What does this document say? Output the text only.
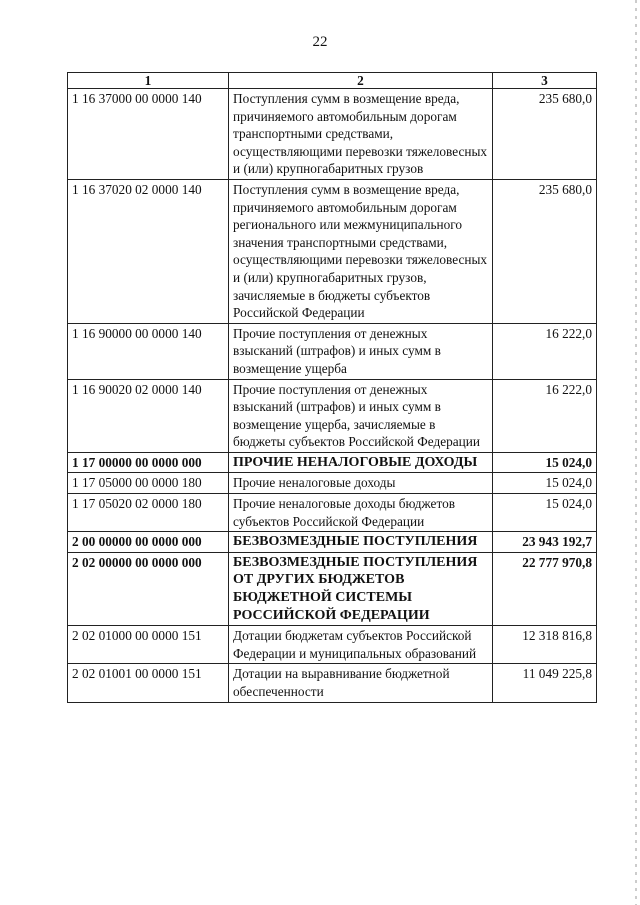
22
1	2	3
1 16 37000 00 0000 140	Поступления сумм в возмещение вреда, причиняемого автомобильным дорогам транспортными средствами, осуществляющими перевозки тяжеловесных и (или) крупногабаритных грузов	235 680,0
1 16 37020 02 0000 140	Поступления сумм в возмещение вреда, причиняемого автомобильным дорогам регионального или межмуниципального значения транспортными средствами, осуществляющими перевозки тяжеловесных и (или) крупногабаритных грузов, зачисляемые в бюджеты субъектов Российской Федерации	235 680,0
1 16 90000 00 0000 140	Прочие поступления от денежных взысканий (штрафов) и иных сумм в возмещение ущерба	16 222,0
1 16 90020 02 0000 140	Прочие поступления от денежных взысканий (штрафов) и иных сумм в возмещение ущерба, зачисляемые в бюджеты субъектов Российской Федерации	16 222,0
1 17 00000 00 0000 000	ПРОЧИЕ НЕНАЛОГОВЫЕ ДОХОДЫ	15 024,0
1 17 05000 00 0000 180	Прочие неналоговые доходы	15 024,0
1 17 05020 02 0000 180	Прочие неналоговые доходы бюджетов субъектов Российской Федерации	15 024,0
2 00 00000 00 0000 000	БЕЗВОЗМЕЗДНЫЕ ПОСТУПЛЕНИЯ	23 943 192,7
2 02 00000 00 0000 000	БЕЗВОЗМЕЗДНЫЕ ПОСТУПЛЕНИЯ ОТ ДРУГИХ БЮДЖЕТОВ БЮДЖЕТНОЙ СИСТЕМЫ РОССИЙСКОЙ ФЕДЕРАЦИИ	22 777 970,8
2 02 01000 00 0000 151	Дотации бюджетам субъектов Российской Федерации и муниципальных образований	12 318 816,8
2 02 01001 00 0000 151	Дотации на выравнивание бюджетной обеспеченности	11 049 225,8
